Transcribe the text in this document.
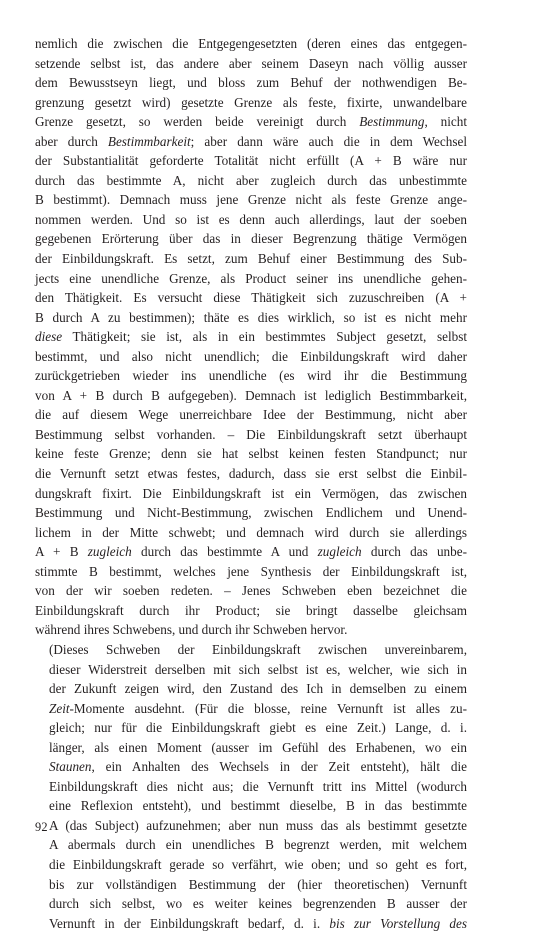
nemlich die zwischen die Entgegengesetzten (deren eines das entgegen-
setzende selbst ist, das andere aber seinem Daseyn nach völlig ausser
dem Bewusstseyn liegt, und bloss zum Behuf der nothwendigen Be-
grenzung gesetzt wird) gesetzte Grenze als feste, fixirte, unwandelbare
Grenze gesetzt, so werden beide vereinigt durch Bestimmung, nicht
aber durch Bestimmbarkeit; aber dann wäre auch die in dem Wechsel
der Substantialität geforderte Totalität nicht erfüllt (A + B wäre nur
durch das bestimmte A, nicht aber zugleich durch das unbestimmte
B bestimmt). Demnach muss jene Grenze nicht als feste Grenze ange-
nommen werden. Und so ist es denn auch allerdings, laut der soeben
gegebenen Erörterung über das in dieser Begrenzung thätige Vermögen
der Einbildungskraft. Es setzt, zum Behuf einer Bestimmung des Sub-
jects eine unendliche Grenze, als Product seiner ins unendliche gehen-
den Thätigkeit. Es versucht diese Thätigkeit sich zuzuschreiben (A +
B durch A zu bestimmen); thäte es dies wirklich, so ist es nicht mehr
diese Thätigkeit; sie ist, als in ein bestimmtes Subject gesetzt, selbst
bestimmt, und also nicht unendlich; die Einbildungskraft wird daher
zurückgetrieben wieder ins unendliche (es wird ihr die Bestimmung
von A + B durch B aufgegeben). Demnach ist lediglich Bestimmbarkeit,
die auf diesem Wege unerreichbare Idee der Bestimmung, nicht aber
Bestimmung selbst vorhanden. – Die Einbildungskraft setzt überhaupt
keine feste Grenze; denn sie hat selbst keinen festen Standpunct; nur
die Vernunft setzt etwas festes, dadurch, dass sie erst selbst die Einbil-
dungskraft fixirt. Die Einbildungskraft ist ein Vermögen, das zwischen
Bestimmung und Nicht-Bestimmung, zwischen Endlichem und Unend-
lichem in der Mitte schwebt; und demnach wird durch sie allerdings
A + B zugleich durch das bestimmte A und zugleich durch das unbe-
stimmte B bestimmt, welches jene Synthesis der Einbildungskraft ist,
von der wir soeben redeten. – Jenes Schweben eben bezeichnet die
Einbildungskraft durch ihr Product; sie bringt dasselbe gleichsam
während ihres Schwebens, und durch ihr Schweben hervor.
(Dieses Schweben der Einbildungskraft zwischen unvereinbarem,
dieser Widerstreit derselben mit sich selbst ist es, welcher, wie sich in
der Zukunft zeigen wird, den Zustand des Ich in demselben zu einem
Zeit-Momente ausdehnt. (Für die blosse, reine Vernunft ist alles zu-
gleich; nur für die Einbildungskraft giebt es eine Zeit.) Lange, d. i.
länger, als einen Moment (ausser im Gefühl des Erhabenen, wo ein
Staunen, ein Anhalten des Wechsels in der Zeit entsteht), hält die
Einbildungskraft dies nicht aus; die Vernunft tritt ins Mittel (wodurch
eine Reflexion entsteht), und bestimmt dieselbe, B in das bestimmte
A (das Subject) aufzunehmen; aber nun muss das als bestimmt gesetzte
A abermals durch ein unendliches B begrenzt werden, mit welchem
die Einbildungskraft gerade so verfährt, wie oben; und so geht es fort,
bis zur vollständigen Bestimmung der (hier theoretischen) Vernunft
durch sich selbst, wo es weiter keines begrenzenden B ausser der
Vernunft in der Einbildungskraft bedarf, d. i. bis zur Vorstellung des
92
